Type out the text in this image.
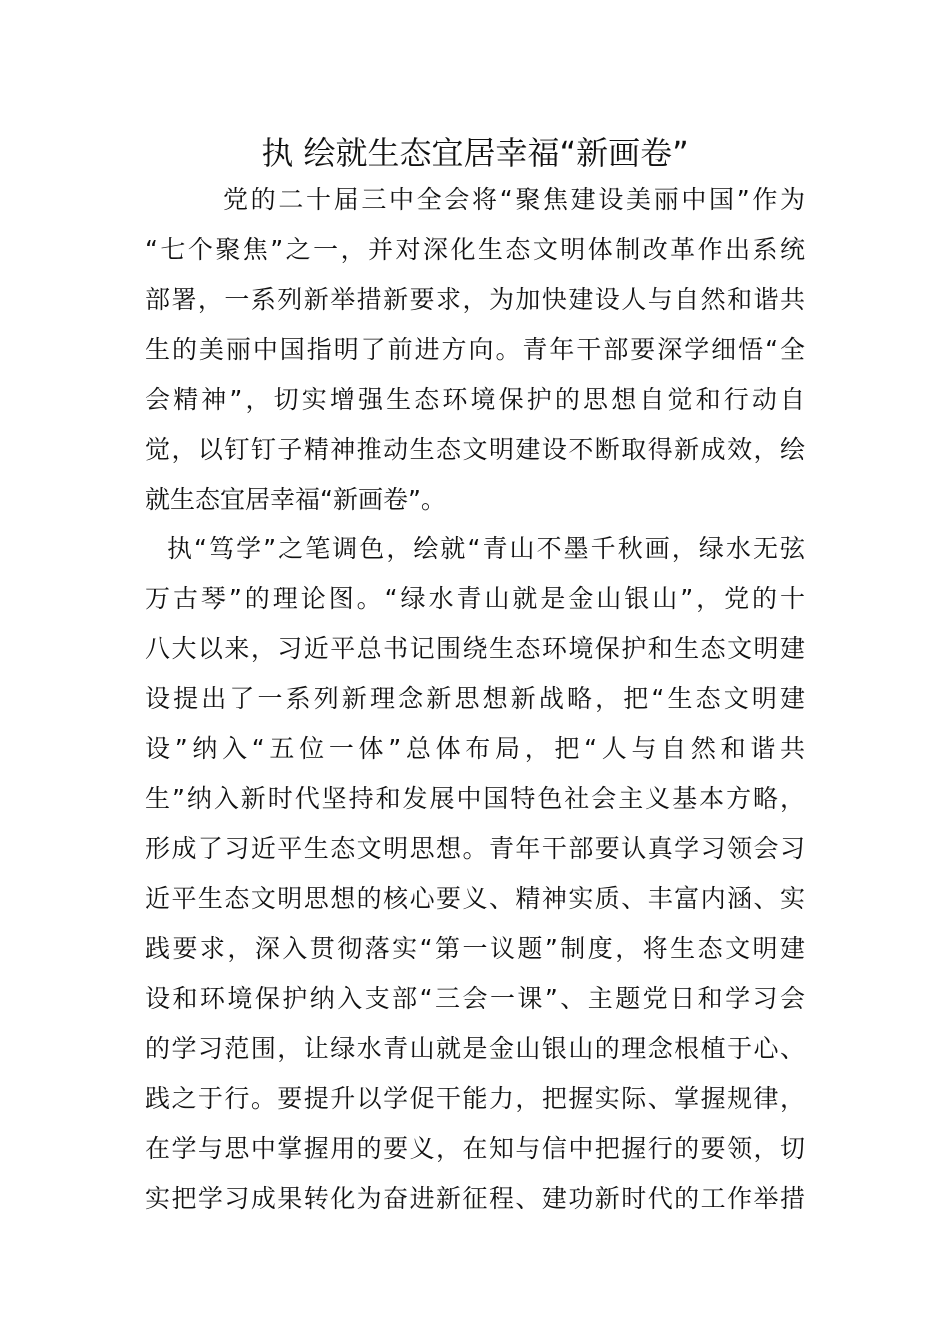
执 绘就生态宜居幸福“新画卷”
党的二十届三中全会将“聚焦建设美丽中国”作为
“七个聚焦”之一，并对深化生态文明体制改革作出系统
部署，一系列新举措新要求，为加快建设人与自然和谐共
生的美丽中国指明了前进方向。青年干部要深学细悟“全
会精神”，切实增强生态环境保护的思想自觉和行动自
觉，以钉钉子精神推动生态文明建设不断取得新成效，绘
就生态宜居幸福“新画卷”。
执“笃学”之笔调色，绘就“青山不墨千秋画，绿水无弦
万古琴”的理论图。“绿水青山就是金山银山”，党的十
八大以来，习近平总书记围绕生态环境保护和生态文明建
设提出了一系列新理念新思想新战略，把“生态文明建
设”纳入“五位一体”总体布局，把“人与自然和谐共
生”纳入新时代坚持和发展中国特色社会主义基本方略，
形成了习近平生态文明思想。青年干部要认真学习领会习
近平生态文明思想的核心要义、精神实质、丰富内涵、实
践要求，深入贯彻落实“第一议题”制度，将生态文明建
设和环境保护纳入支部“三会一课”、主题党日和学习会
的学习范围，让绿水青山就是金山银山的理念根植于心、
践之于行。要提升以学促干能力，把握实际、掌握规律，
在学与思中掌握用的要义，在知与信中把握行的要领，切
实把学习成果转化为奋进新征程、建功新时代的工作举措
